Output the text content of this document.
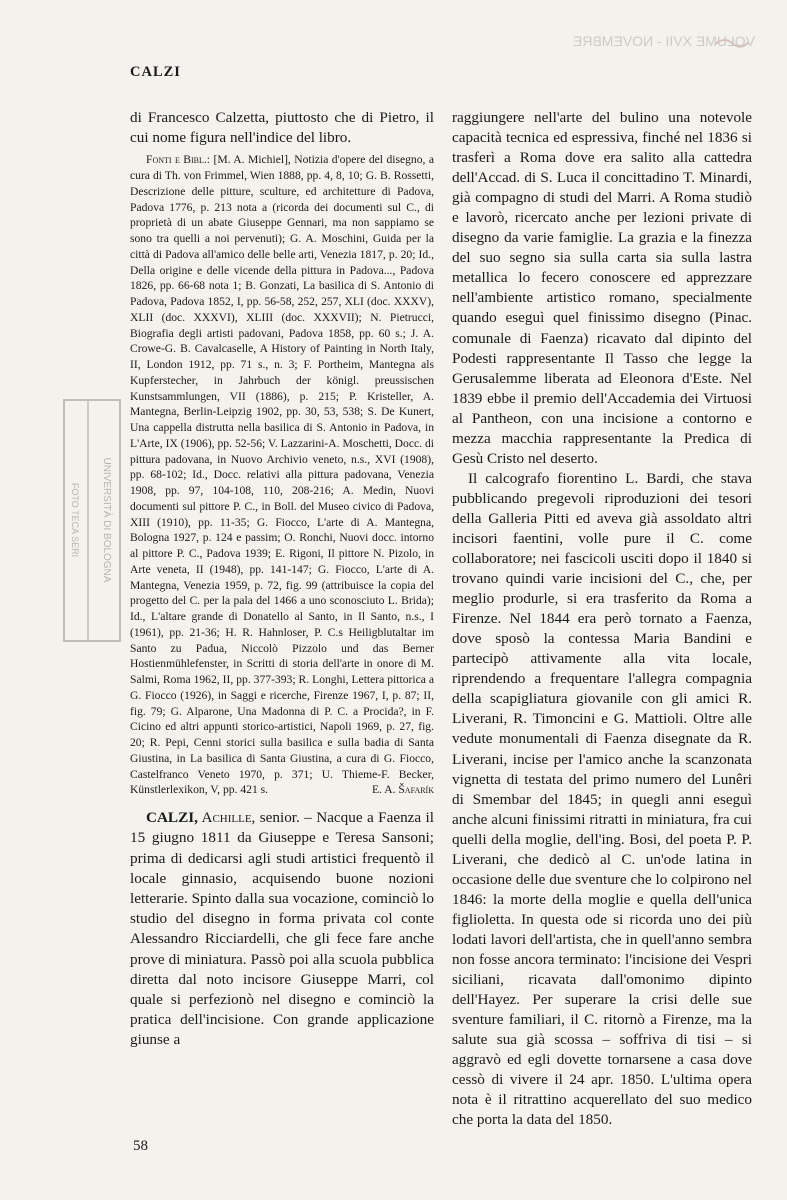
VOLUME XVII - NOVEMBRE
CALZI
FOTO TECA SERI UNIVERSITÀ DI BOLOGNA

di Francesco Calzetta, piuttosto che di Pietro, il cui nome figura nell'indice del libro.

Fonti e Bibl.: [M. A. Michiel], Notizia d'opere del disegno, a cura di Th. von Frimmel, Wien 1888, pp. 4, 8, 10; G. B. Rossetti, Descrizione delle pitture, sculture, ed architetture di Padova, Padova 1776, p. 213 nota a (ricorda dei documenti sul C., di proprietà di un abate Giuseppe Gennari, ma non sappiamo se sono tra quelli a noi pervenuti); G. A. Moschini, Guida per la città di Padova all'amico delle belle arti, Venezia 1817, p. 20; Id., Della origine e delle vicende della pittura in Padova..., Padova 1826, pp. 66-68 nota 1; B. Gonzati, La basilica di S. Antonio di Padova, Padova 1852, I, pp. 56-58, 252, 257, XLI (doc. XXXV), XLII (doc. XXXVI), XLIII (doc. XXXVII); N. Pietrucci, Biografia degli artisti padovani, Padova 1858, pp. 60 s.; J. A. Crowe-G. B. Cavalcaselle, A History of Painting in North Italy, II, London 1912, pp. 71 s., n. 3; F. Portheim, Mantegna als Kupferstecher, in Jahrbuch der königl. preussischen Kunstsammlungen, VII (1886), p. 215; P. Kristeller, A. Mantegna, Berlin-Leipzig 1902, pp. 30, 53, 538; S. De Kunert, Una cappella distrutta nella basilica di S. Antonio in Padova, in L'Arte, IX (1906), pp. 52-56; V. Lazzarini-A. Moschetti, Docc. di pittura padovana, in Nuovo Archivio veneto, n.s., XVI (1908), pp. 68-102; Id., Docc. relativi alla pittura padovana, Venezia 1908, pp. 97, 104-108, 110, 208-216; A. Medin, Nuovi documenti sul pittore P. C., in Boll. del Museo civico di Padova, XIII (1910), pp. 11-35; G. Fiocco, L'arte di A. Mantegna, Bologna 1927, p. 124 e passim; O. Ronchi, Nuovi docc. intorno al pittore P. C., Padova 1939; E. Rigoni, Il pittore N. Pizolo, in Arte veneta, II (1948), pp. 141-147; G. Fiocco, L'arte di A. Mantegna, Venezia 1959, p. 72, fig. 99 (attribuisce la copia del progetto del C. per la pala del 1466 a uno sconosciuto L. Brida); Id., L'altare grande di Donatello al Santo, in Il Santo, n.s., I (1961), pp. 21-36; H. R. Hahnloser, P. C.s Heiligblutaltar im Santo zu Padua, Niccolò Pizzolo und das Berner Hostienmühlefenster, in Scritti di storia dell'arte in onore di M. Salmi, Roma 1962, II, pp. 377-393; R. Longhi, Lettera pittorica a G. Fiocco (1926), in Saggi e ricerche, Firenze 1967, I, p. 87; II, fig. 79; G. Alparone, Una Madonna di P. C. a Procida?, in F. Cicino ed altri appunti storico-artistici, Napoli 1969, p. 27, fig. 20; R. Pepi, Cenni storici sulla basilica e sulla badia di Santa Giustina, in La basilica di Santa Giustina, a cura di G. Fiocco, Castelfranco Veneto 1970, p. 371; U. Thieme-F. Becker, Künstlerlexikon, V, pp. 421 s.	E. A. Šafarík

CALZI, Achille, senior. – Nacque a Faenza il 15 giugno 1811 da Giuseppe e Teresa Sansoni; prima di dedicarsi agli studi artistici frequentò il locale ginnasio, acquisendo buone nozioni letterarie. Spinto dalla sua vocazione, cominciò lo studio del disegno in forma privata col conte Alessandro Ricciardelli, che gli fece fare anche prove di miniatura. Passò poi alla scuola pubblica diretta dal noto incisore Giuseppe Marri, col quale si perfezionò nel disegno e cominciò la pratica dell'incisione. Con grande applicazione giunse a

raggiungere nell'arte del bulino una notevole capacità tecnica ed espressiva, finché nel 1836 si trasferì a Roma dove era salito alla cattedra dell'Accad. di S. Luca il concittadino T. Minardi, già compagno di studi del Marri. A Roma studiò e lavorò, ricercato anche per lezioni private di disegno da varie famiglie. La grazia e la finezza del suo segno sia sulla carta sia sulla lastra metallica lo fecero conoscere ed apprezzare nell'ambiente artistico romano, specialmente quando eseguì quel finissimo disegno (Pinac. comunale di Faenza) ricavato dal dipinto del Podesti rappresentante Il Tasso che legge la Gerusalemme liberata ad Eleonora d'Este. Nel 1839 ebbe il premio dell'Accademia dei Virtuosi al Pantheon, con una incisione a contorno e mezza macchia rappresentante la Predica di Gesù Cristo nel deserto.

Il calcografo fiorentino L. Bardi, che stava pubblicando pregevoli riproduzioni dei tesori della Galleria Pitti ed aveva già assoldato altri incisori faentini, volle pure il C. come collaboratore; nei fascicoli usciti dopo il 1840 si trovano quindi varie incisioni del C., che, per meglio produrle, si era trasferito da Roma a Firenze. Nel 1844 era però tornato a Faenza, dove sposò la contessa Maria Bandini e partecipò attivamente alla vita locale, riprendendo a frequentare l'allegra compagnia della scapigliatura giovanile con gli amici R. Liverani, R. Timoncini e G. Mattioli. Oltre alle vedute monumentali di Faenza disegnate da R. Liverani, incise per l'amico anche la scanzonata vignetta di testata del primo numero del Lunêri di Smembar del 1845; in quegli anni eseguì anche alcuni finissimi ritratti in miniatura, fra cui quelli della moglie, dell'ing. Bosi, del poeta P. P. Liverani, che dedicò al C. un'ode latina in occasione delle due sventure che lo colpirono nel 1846: la morte della moglie e quella dell'unica figlioletta. In questa ode si ricorda uno dei più lodati lavori dell'artista, che in quell'anno sembra non fosse ancora terminato: l'incisione dei Vespri siciliani, ricavata dall'omonimo dipinto dell'Hayez. Per superare la crisi delle sue sventure familiari, il C. ritornò a Firenze, ma la salute sua già scossa – soffriva di tisi – si aggravò ed egli dovette tornarsene a casa dove cessò di vivere il 24 apr. 1850. L'ultima opera nota è il ritrattino acquerellato del suo medico che porta la data del 1850.

58
